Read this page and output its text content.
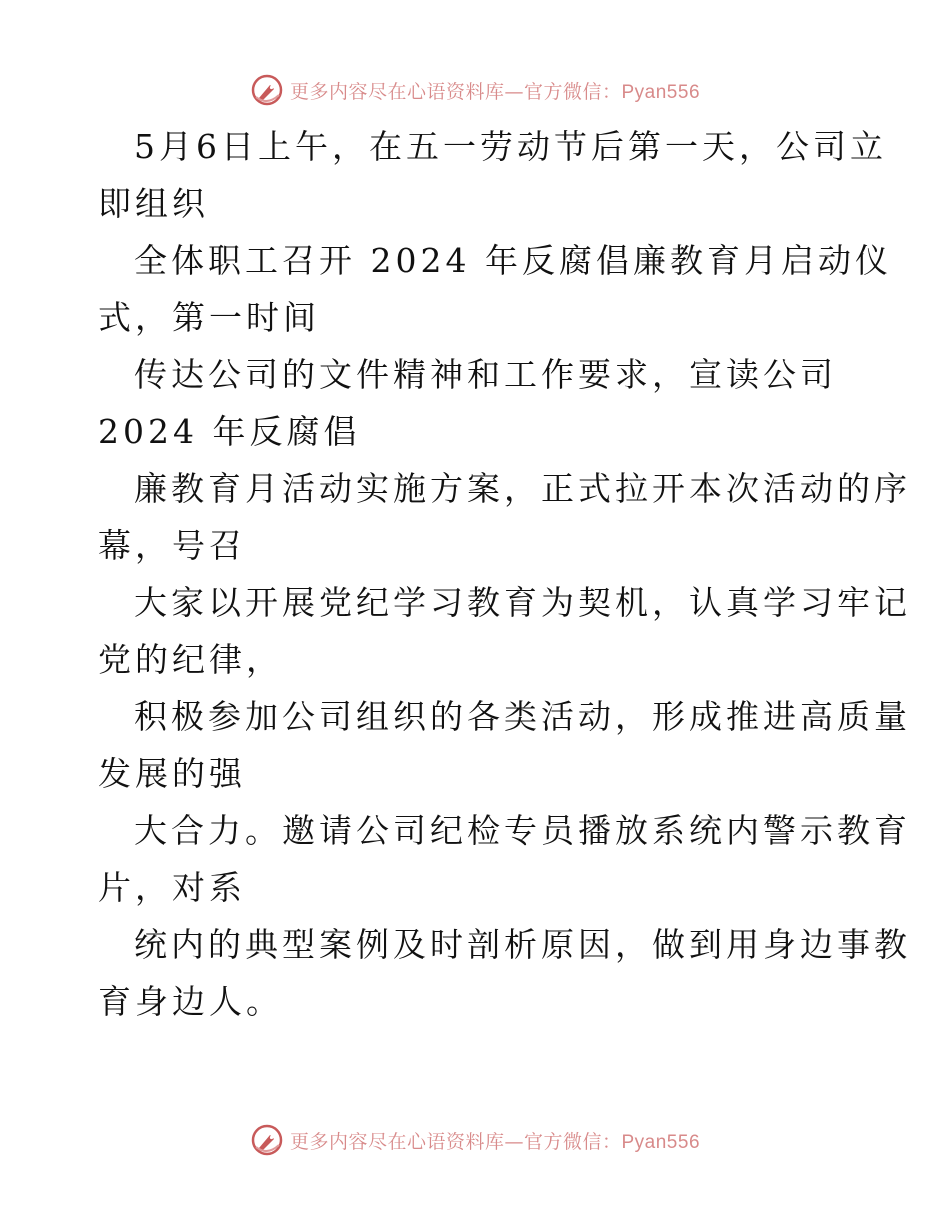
更多内容尽在心语资料库—官方微信：Pyan556
5月6日上午，在五一劳动节后第一天，公司立
即组织
全体职工召开 2024 年反腐倡廉教育月启动仪
式，第一时间
传达公司的文件精神和工作要求，宣读公司
2024 年反腐倡
廉教育月活动实施方案，正式拉开本次活动的序
幕，号召
大家以开展党纪学习教育为契机，认真学习牢记
党的纪律，
积极参加公司组织的各类活动，形成推进高质量
发展的强
大合力。邀请公司纪检专员播放系统内警示教育
片，对系
统内的典型案例及时剖析原因，做到用身边事教
育身边人。
更多内容尽在心语资料库—官方微信：Pyan556
